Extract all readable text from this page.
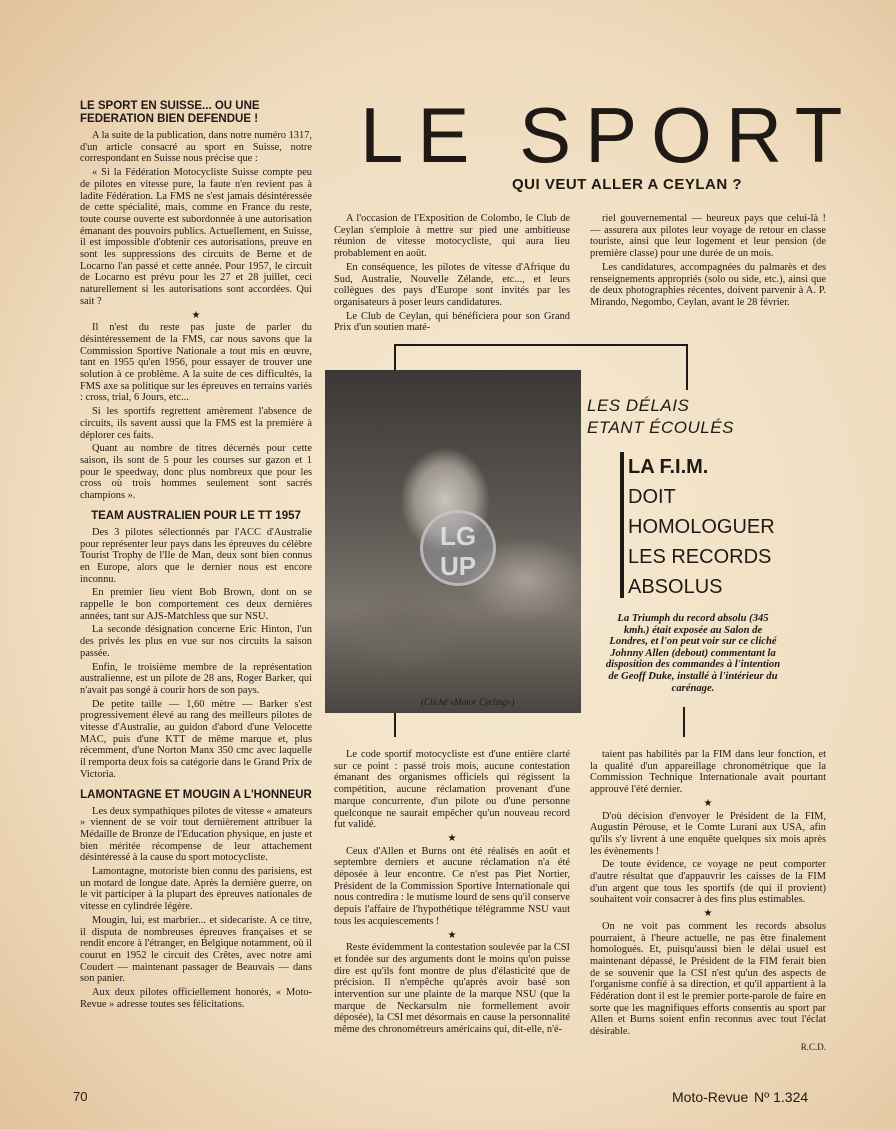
LE SPORT EN SUISSE... OU UNE FEDERATION BIEN DEFENDUE !

A la suite de la publication, dans notre numéro 1317, d'un article consacré au sport en Suisse, notre correspondant en Suisse nous précise que :

« Si la Fédération Motocycliste Suisse compte peu de pilotes en vitesse pure, la faute n'en revient pas à ladite Fédération. La FMS ne s'est jamais désintéressée de cette spécialité, mais, comme en France du reste, toute course ouverte est subordonnée à une autorisation émanant des pouvoirs publics. Actuellement, en Suisse, il est impossible d'obtenir ces autorisations, preuve en sont les suppressions des circuits de Berne et de Locarno l'an passé et cette année. Pour 1957, le circuit de Locarno est prévu pour les 27 et 28 juillet, ceci naturellement si les autorisations sont accordées. Qui sait ?

★

Il n'est du reste pas juste de parler du désintéressement de la FMS, car nous savons que la Commission Sportive Nationale a tout mis en œuvre, tant en 1955 qu'en 1956, pour essayer de trouver une solution à ce problème. A la suite de ces difficultés, la FMS axe sa politique sur les épreuves en terrains variés : cross, trial, 6 Jours, etc...

Si les sportifs regrettent amèrement l'absence de circuits, ils savent aussi que la FMS est la première à déplorer ces faits.

Quant au nombre de titres décernés pour cette saison, ils sont de 5 pour les courses sur gazon et 1 pour le speedway, donc plus nombreux que pour les cross où trois hommes seulement sont sacrés champions ».

TEAM AUSTRALIEN POUR LE TT 1957

Des 3 pilotes sélectionnés par l'ACC d'Australie pour représenter leur pays dans les épreuves du célèbre Tourist Trophy de l'Ile de Man, deux sont bien connus en Europe, alors que le dernier nous est encore inconnu.

En premier lieu vient Bob Brown, dont on se rappelle le bon comportement ces deux dernières années, tant sur AJS-Matchless que sur NSU.

La seconde désignation concerne Eric Hinton, l'un des privés les plus en vue sur nos circuits la saison passée.

Enfin, le troisième membre de la représentation australienne, est un pilote de 28 ans, Roger Barker, qui n'avait pas songé à courir hors de son pays.

De petite taille — 1,60 mètre — Barker s'est progressivement élevé au rang des meilleurs pilotes de vitesse d'Australie, au guidon d'abord d'une Velocette MAC, puis d'une KTT de même marque et, plus récemment, d'une Norton Manx 350 cmc avec laquelle il remporta deux fois sa catégorie dans le Grand Prix de Victoria.

LAMONTAGNE ET MOUGIN A L'HONNEUR

Les deux sympathiques pilotes de vitesse « amateurs » viennent de se voir tout dernièrement attribuer la Médaille de Bronze de l'Education physique, en juste et bien méritée récompense de leur attachement désintéressé à la cause du sport motocycliste.

Lamontagne, motoriste bien connu des parisiens, est un motard de longue date. Après la dernière guerre, on le vit participer à la plupart des épreuves nationales de vitesse en cylindrée légère.

Mougin, lui, est marbrier... et sidecariste. A ce titre, il disputa de nombreuses épreuves françaises et se rendit encore à l'étranger, en Belgique notamment, où il courut en 1952 le circuit des Crêtes, avec notre ami Coudert — maintenant passager de Beauvais — dans son panier.

Aux deux pilotes officiellement honorés, « Moto-Revue » adresse toutes ses félicitations.

LE SPORT
QUI VEUT ALLER A CEYLAN ?

A l'occasion de l'Exposition de Colombo, le Club de Ceylan s'emploie à mettre sur pied une ambitieuse réunion de vitesse motocycliste, qui aura lieu probablement en août.

En conséquence, les pilotes de vitesse d'Afrique du Sud, Australie, Nouvelle Zélande, etc..., et leurs collègues des pays d'Europe sont invités par les organisateurs à poser leurs candidatures.

Le Club de Ceylan, qui bénéficiera pour son Grand Prix d'un soutien maté-

riel gouvernemental — heureux pays que celui-là ! — assurera aux pilotes leur voyage de retour en classe touriste, ainsi que leur logement et leur pension (de première classe) pour une durée de un mois.

Les candidatures, accompagnées du palmarès et des renseignements appropriés (solo ou side, etc.), ainsi que de deux photographies récentes, doivent parvenir à A. P. Mirando, Negombo, Ceylan, avant le 28 février.

LG UP
(Cliché «Motor Cycling»)
LES DÉLAIS
ETANT ÉCOULÉS
LA F.I.M.
DOIT
HOMOLOGUER
LES RECORDS
ABSOLUS
La Triumph du record absolu (345 kmh.) était exposée au Salon de Londres, et l'on peut voir sur ce cliché Johnny Allen (debout) commentant la disposition des commandes à l'intention de Geoff Duke, installé à l'intérieur du carénage.

Le code sportif motocycliste est d'une entière clarté sur ce point : passé trois mois, aucune contestation émanant des organismes officiels qui régissent la compétition, aucune réclamation provenant d'une marque concurrente, d'un pilote ou d'une personne quelconque ne saurait empêcher qu'un nouveau record fut validé.

★

Ceux d'Allen et Burns ont été réalisés en août et septembre derniers et aucune réclamation n'a été déposée à leur encontre. Ce n'est pas Piet Nortier, Président de la Commission Sportive Internationale qui nous contredira : le mutisme lourd de sens qu'il conserve depuis l'affaire de l'hypothétique télégramme NSU vaut tous les acquiescements !

★

Reste évidemment la contestation soulevée par la CSI et fondée sur des arguments dont le moins qu'on puisse dire est qu'ils font montre de plus d'élasticité que de précision. Il n'empêche qu'après avoir basé son intervention sur une plainte de la marque NSU (que la marque de Neckarsulm nie formellement avoir déposée), la CSI met désormais en cause la personnalité même des chronométreurs américains qui, dit-elle, n'é-

taient pas habilités par la FIM dans leur fonction, et la qualité d'un appareillage chronométrique que la Commission Technique Internationale avait pourtant approuvé l'été dernier.

★

D'où décision d'envoyer le Président de la FIM, Augustin Pérouse, et le Comte Lurani aux USA, afin qu'ils s'y livrent à une enquête quelques six mois après les évènements !

De toute évidence, ce voyage ne peut comporter d'autre résultat que d'appauvrir les caisses de la FIM d'un argent que tous les sportifs (de qui il provient) souhaitent voir consacrer à des fins plus estimables.

★

On ne voit pas comment les records absolus pourraient, à l'heure actuelle, ne pas être finalement homologués. Et, puisqu'aussi bien le délai usuel est maintenant dépassé, le Président de la FIM ferait bien de se souvenir que la CSI n'est qu'un des aspects de l'organisme confié à sa direction, et qu'il appartient à la Fédération dont il est le premier porte-parole de faire en sorte que les magnifiques efforts consentis au sport par Allen et Burns soient enfin reconnus avec tout l'éclat désirable.

R.C.D.

70	Moto-Revue Nº 1.324
